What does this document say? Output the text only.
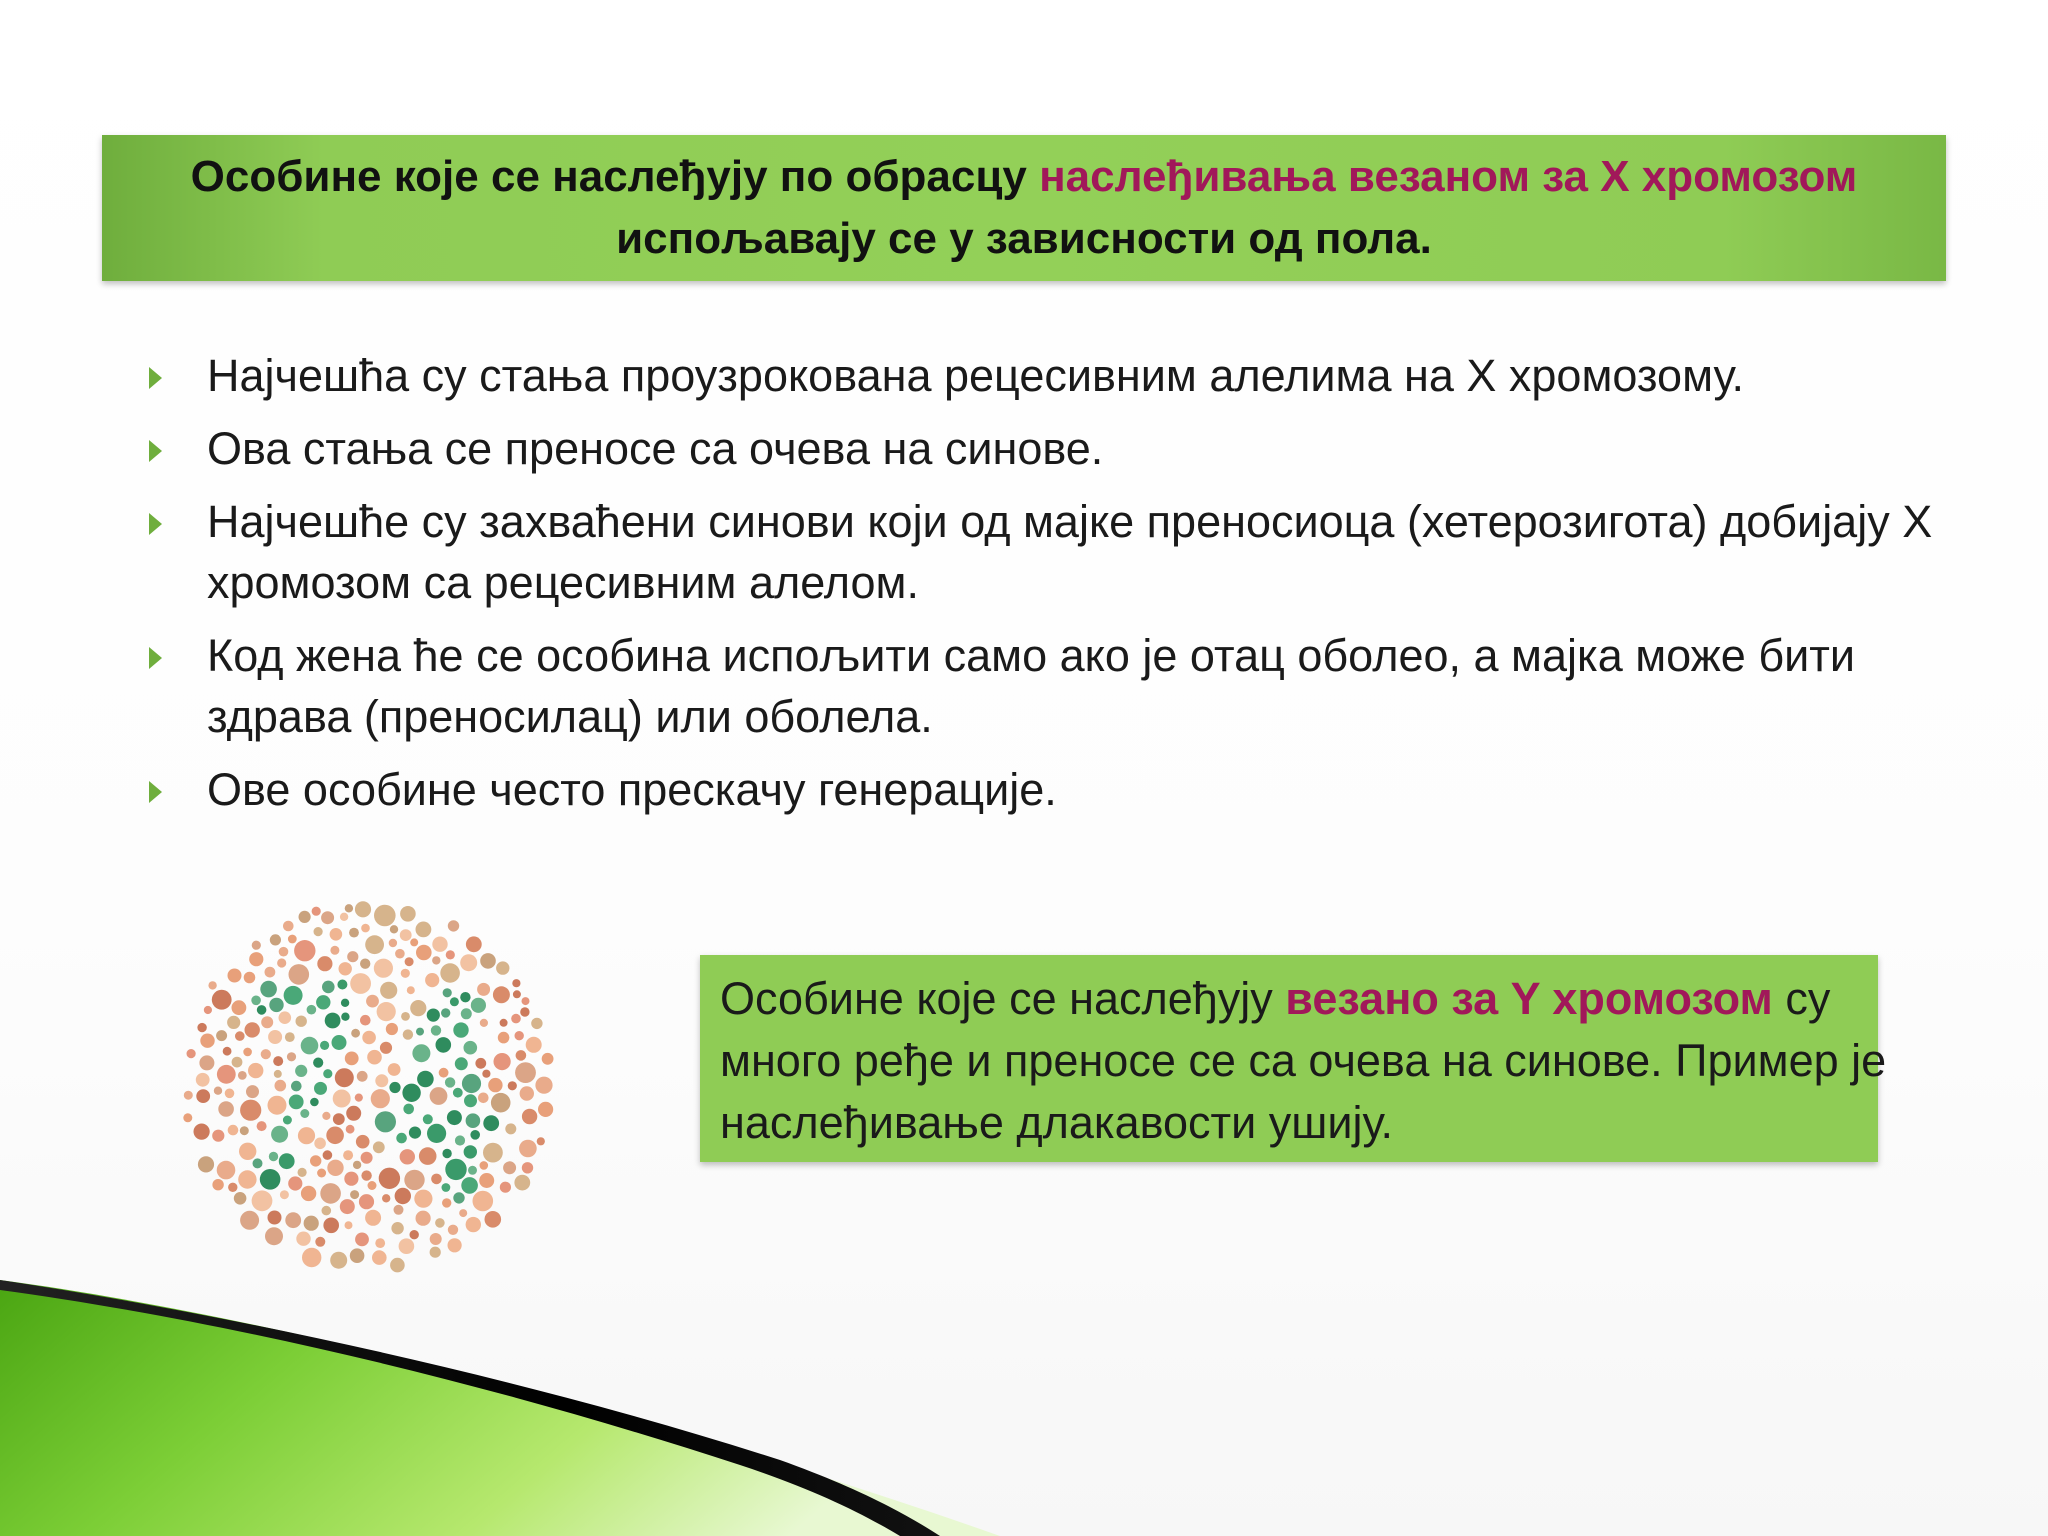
Особине које се наслеђују по обрасцу наслеђивања везаном за X хромозом испољавају се у зависности од пола.
Најчешћа су стања проузрокована рецесивним алелима на X хромозому.
Ова стања се преносе са очева на синове.
Најчешће су захваћени синови који од мајке преносиоца (хетерозигота) добијају X хромозом са рецесивним алелом.
Код жена ће се особина испољити само ако је отац оболео, а мајка може бити здрава (преносилац) или оболела.
Ове особине често прескачу генерације.
Особине које се наслеђују везано за Y хромозом су много ређе и преносе се са очева на синове. Пример је наслеђивање длакавости ушију.
